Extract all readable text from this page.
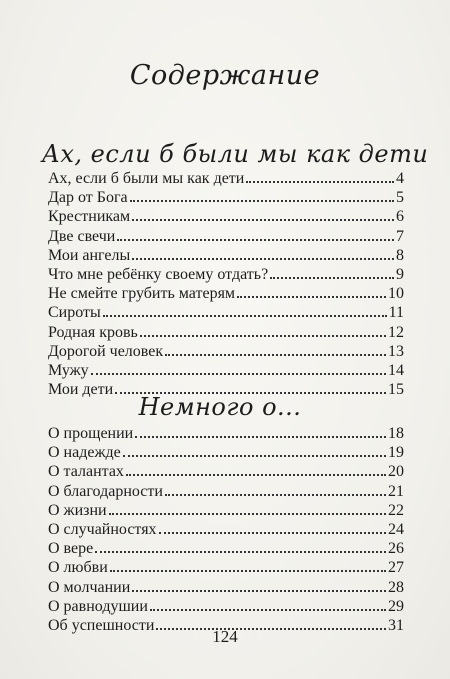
Содержание
Ах, если б были мы как дети
Ах, если б были мы как дети	4
Дар от Бога	5
Крестникам	6
Две свечи	7
Мои ангелы	8
Что мне ребёнку своему отдать?	9
Не смейте грубить матерям	10
Сироты	11
Родная кровь	12
Дорогой человек	13
Мужу	14
Мои дети	15
Немного о...
О прощении	18
О надежде	19
О талантах	20
О благодарности	21
О жизни	22
О случайностях	24
О вере	26
О любви	27
О молчании	28
О равнодушии	29
Об успешности	31
124
